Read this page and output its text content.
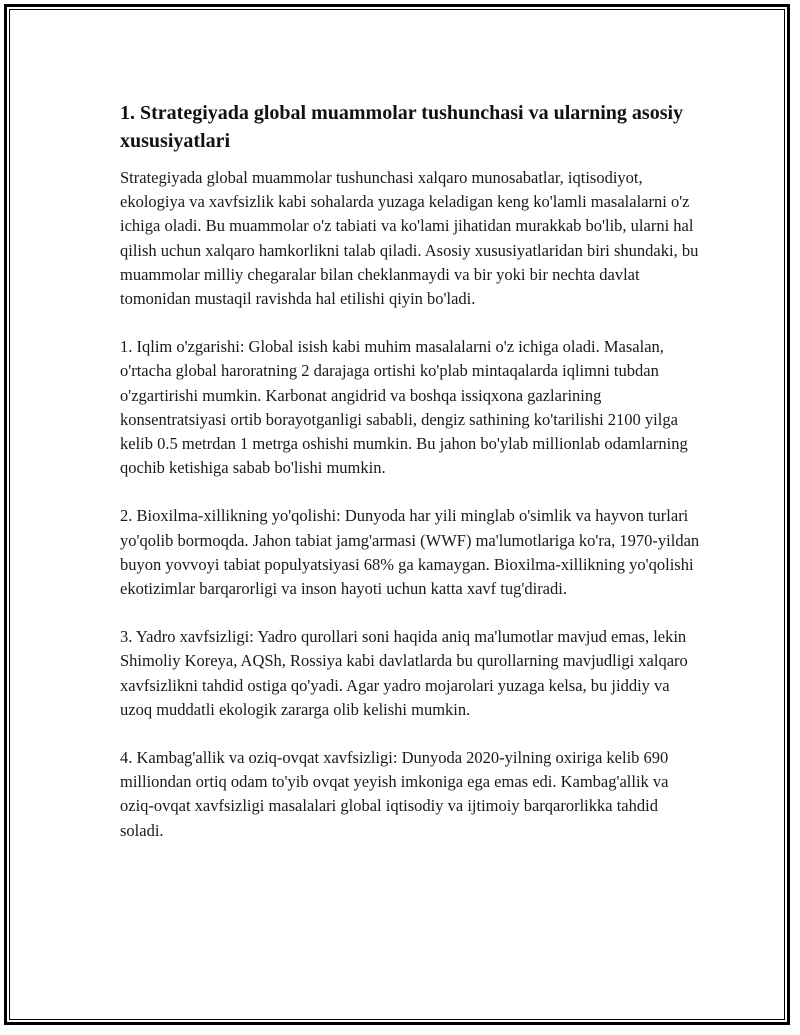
1. Strategiyada global muammolar tushunchasi va ularning asosiy xususiyatlari

Strategiyada global muammolar tushunchasi xalqaro munosabatlar, iqtisodiyot, ekologiya va xavfsizlik kabi sohalarda yuzaga keladigan keng ko'lamli masalalarni o'z ichiga oladi. Bu muammolar o'z tabiati va ko'lami jihatidan murakkab bo'lib, ularni hal qilish uchun xalqaro hamkorlikni talab qiladi. Asosiy xususiyatlaridan biri shundaki, bu muammolar milliy chegaralar bilan cheklanmaydi va bir yoki bir nechta davlat tomonidan mustaqil ravishda hal etilishi qiyin bo'ladi.

1. Iqlim o'zgarishi: Global isish kabi muhim masalalarni o'z ichiga oladi. Masalan, o'rtacha global haroratning 2 darajaga ortishi ko'plab mintaqalarda iqlimni tubdan o'zgartirishi mumkin. Karbonat angidrid va boshqa issiqxona gazlarining konsentratsiyasi ortib borayotganligi sababli, dengiz sathining ko'tarilishi 2100 yilga kelib 0.5 metrdan 1 metrga oshishi mumkin. Bu jahon bo'ylab millionlab odamlarning qochib ketishiga sabab bo'lishi mumkin.

2. Bioxilma-xillikning yo'qolishi: Dunyoda har yili minglab o'simlik va hayvon turlari yo'qolib bormoqda. Jahon tabiat jamg'armasi (WWF) ma'lumotlariga ko'ra, 1970-yildan buyon yovvoyi tabiat populyatsiyasi 68% ga kamaygan. Bioxilma-xillikning yo'qolishi ekotizimlar barqarorligi va inson hayoti uchun katta xavf tug'diradi.

3. Yadro xavfsizligi: Yadro qurollari soni haqida aniq ma'lumotlar mavjud emas, lekin Shimoliy Koreya, AQSh, Rossiya kabi davlatlarda bu qurollarning mavjudligi xalqaro xavfsizlikni tahdid ostiga qo'yadi. Agar yadro mojarolari yuzaga kelsa, bu jiddiy va uzoq muddatli ekologik zararga olib kelishi mumkin.

4. Kambag'allik va oziq-ovqat xavfsizligi: Dunyoda 2020-yilning oxiriga kelib 690 milliondan ortiq odam to'yib ovqat yeyish imkoniga ega emas edi. Kambag'allik va oziq-ovqat xavfsizligi masalalari global iqtisodiy va ijtimoiy barqarorlikka tahdid soladi.
